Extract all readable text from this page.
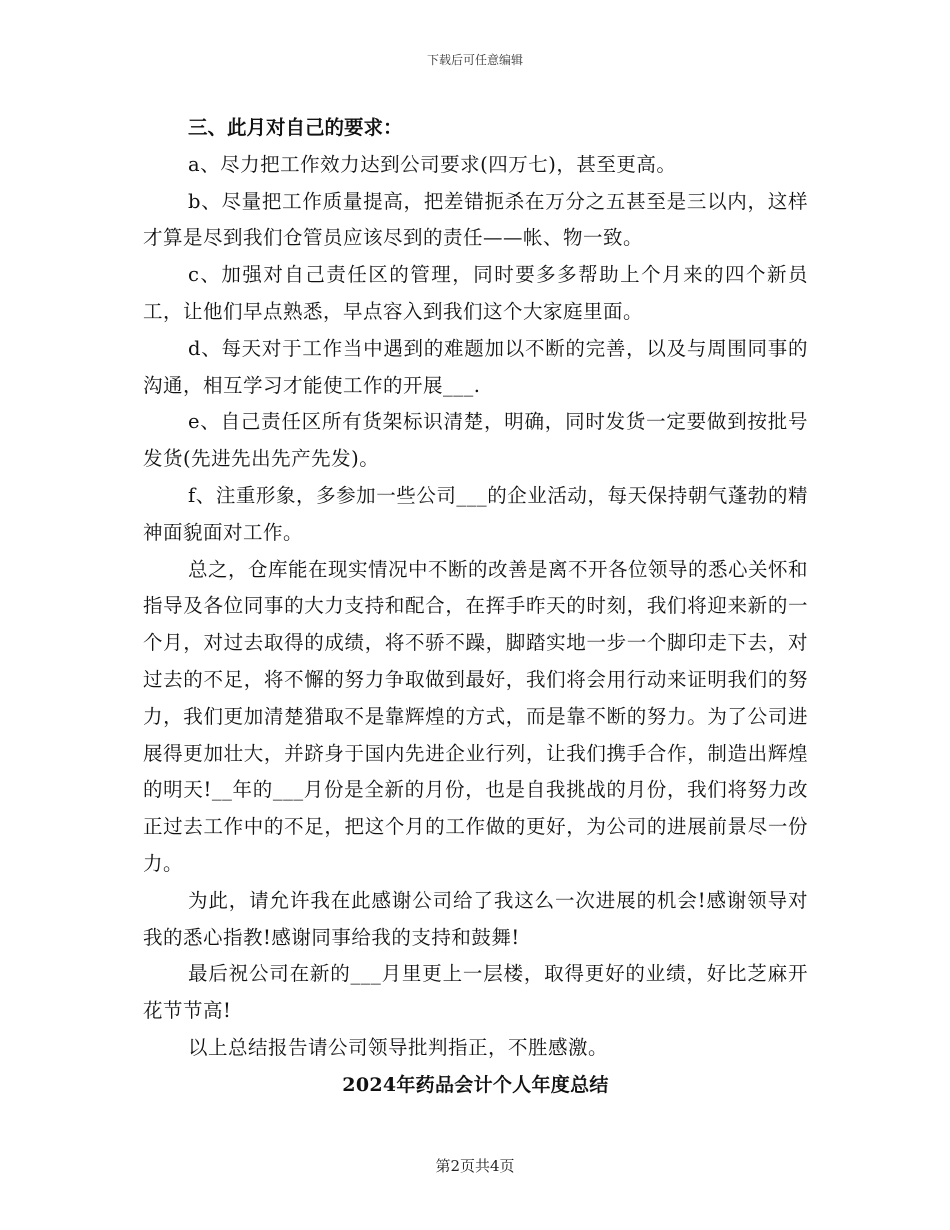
下载后可任意编辑

三、此月对自己的要求：

a、尽力把工作效力达到公司要求(四万七)，甚至更高。

b、尽量把工作质量提高，把差错扼杀在万分之五甚至是三以内，这样才算是尽到我们仓管员应该尽到的责任——帐、物一致。

c、加强对自己责任区的管理，同时要多多帮助上个月来的四个新员工，让他们早点熟悉，早点容入到我们这个大家庭里面。

d、每天对于工作当中遇到的难题加以不断的完善，以及与周围同事的沟通，相互学习才能使工作的开展___.

e、自己责任区所有货架标识清楚，明确，同时发货一定要做到按批号发货(先进先出先产先发)。

f、注重形象，多参加一些公司___的企业活动，每天保持朝气蓬勃的精神面貌面对工作。

总之，仓库能在现实情况中不断的改善是离不开各位领导的悉心关怀和指导及各位同事的大力支持和配合，在挥手昨天的时刻，我们将迎来新的一个月，对过去取得的成绩，将不骄不躁，脚踏实地一步一个脚印走下去，对过去的不足，将不懈的努力争取做到最好，我们将会用行动来证明我们的努力，我们更加清楚猎取不是靠辉煌的方式，而是靠不断的努力。为了公司进展得更加壮大，并跻身于国内先进企业行列，让我们携手合作，制造出辉煌的明天!__年的___月份是全新的月份，也是自我挑战的月份，我们将努力改正过去工作中的不足，把这个月的工作做的更好，为公司的进展前景尽一份力。

为此，请允许我在此感谢公司给了我这么一次进展的机会!感谢领导对我的悉心指教!感谢同事给我的支持和鼓舞!

最后祝公司在新的___月里更上一层楼，取得更好的业绩，好比芝麻开花节节高!

以上总结报告请公司领导批判指正，不胜感激。

2024年药品会计个人年度总结

第2页共4页
